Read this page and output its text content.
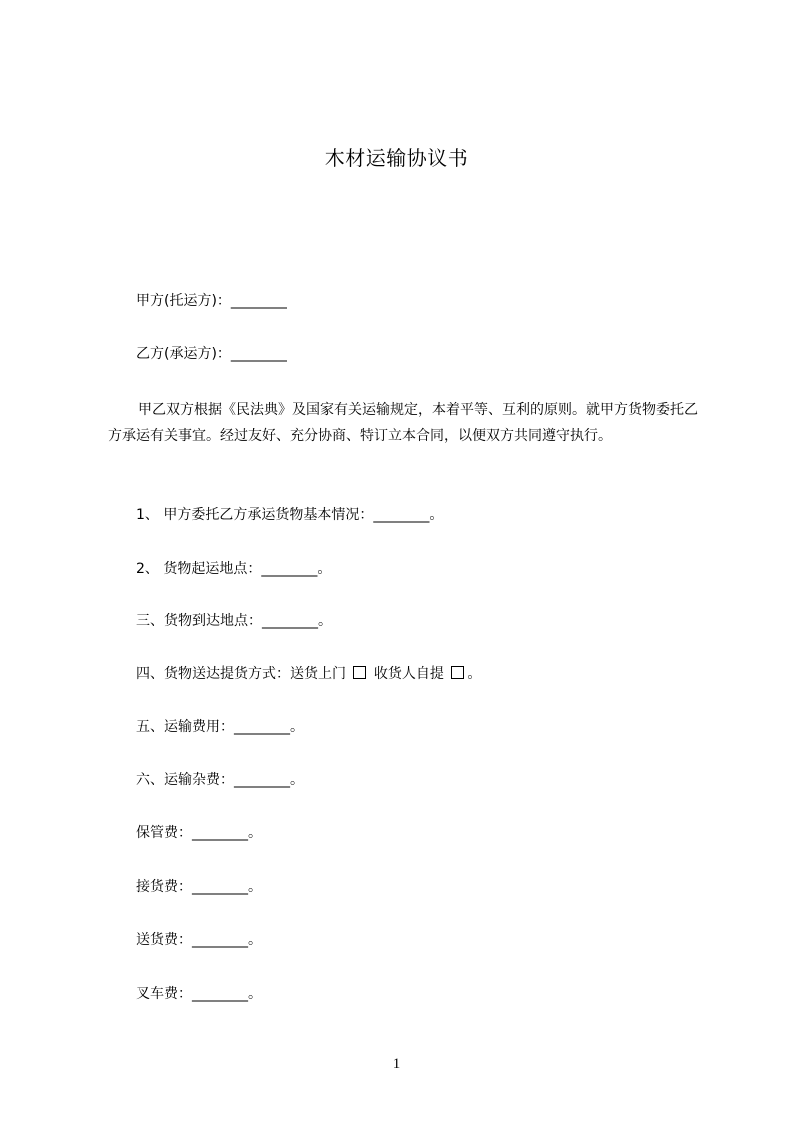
木材运输协议书
甲方(托运方)：________
乙方(承运方)：________
甲乙双方根据《民法典》及国家有关运输规定，本着平等、互利的原则。就甲方货物委托乙方承运有关事宜。经过友好、充分协商、特订立本合同，以便双方共同遵守执行。
1、 甲方委托乙方承运货物基本情况：________。
2、 货物起运地点：________。
三、货物到达地点：________。
四、货物送达提货方式：送货上门 收货人自提 。
五、运输费用：________。
六、运输杂费：________。
保管费：________。
接货费：________。
送货费：________。
叉车费：________。
1
